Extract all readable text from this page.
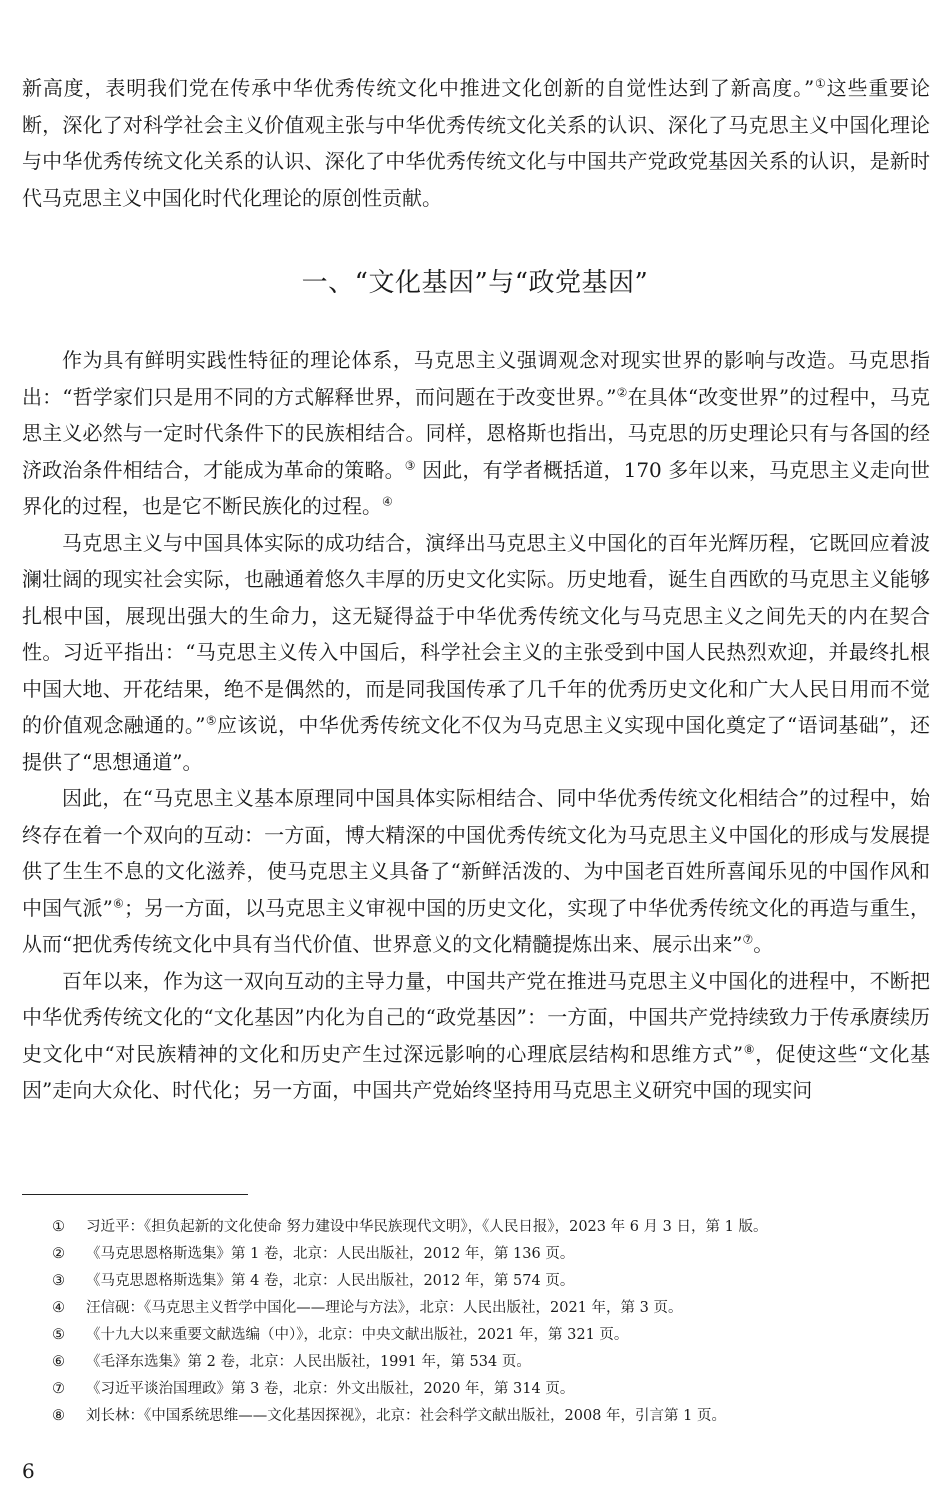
新高度，表明我们党在传承中华优秀传统文化中推进文化创新的自觉性达到了新高度。”①这些重要论断，深化了对科学社会主义价值观主张与中华优秀传统文化关系的认识、深化了马克思主义中国化理论与中华优秀传统文化关系的认识、深化了中华优秀传统文化与中国共产党政党基因关系的认识，是新时代马克思主义中国化时代化理论的原创性贡献。

一、“文化基因”与“政党基因”

作为具有鲜明实践性特征的理论体系，马克思主义强调观念对现实世界的影响与改造。马克思指出：“哲学家们只是用不同的方式解释世界，而问题在于改变世界。”②在具体“改变世界”的过程中，马克思主义必然与一定时代条件下的民族相结合。同样，恩格斯也指出，马克思的历史理论只有与各国的经济政治条件相结合，才能成为革命的策略。③ 因此，有学者概括道，170 多年以来，马克思主义走向世界化的过程，也是它不断民族化的过程。④

马克思主义与中国具体实际的成功结合，演绎出马克思主义中国化的百年光辉历程，它既回应着波澜壮阔的现实社会实际，也融通着悠久丰厚的历史文化实际。历史地看，诞生自西欧的马克思主义能够扎根中国，展现出强大的生命力，这无疑得益于中华优秀传统文化与马克思主义之间先天的内在契合性。习近平指出：“马克思主义传入中国后，科学社会主义的主张受到中国人民热烈欢迎，并最终扎根中国大地、开花结果，绝不是偶然的，而是同我国传承了几千年的优秀历史文化和广大人民日用而不觉的价值观念融通的。”⑤应该说，中华优秀传统文化不仅为马克思主义实现中国化奠定了“语词基础”，还提供了“思想通道”。

因此，在“马克思主义基本原理同中国具体实际相结合、同中华优秀传统文化相结合”的过程中，始终存在着一个双向的互动：一方面，博大精深的中国优秀传统文化为马克思主义中国化的形成与发展提供了生生不息的文化滋养，使马克思主义具备了“新鲜活泼的、为中国老百姓所喜闻乐见的中国作风和中国气派”⑥；另一方面，以马克思主义审视中国的历史文化，实现了中华优秀传统文化的再造与重生，从而“把优秀传统文化中具有当代价值、世界意义的文化精髓提炼出来、展示出来”⑦。

百年以来，作为这一双向互动的主导力量，中国共产党在推进马克思主义中国化的进程中，不断把中华优秀传统文化的“文化基因”内化为自己的“政党基因”：一方面，中国共产党持续致力于传承赓续历史文化中“对民族精神的文化和历史产生过深远影响的心理底层结构和思维方式”⑧，促使这些“文化基因”走向大众化、时代化；另一方面，中国共产党始终坚持用马克思主义研究中国的现实问

① 习近平：《担负起新的文化使命 努力建设中华民族现代文明》，《人民日报》，2023 年 6 月 3 日，第 1 版。
② 《马克思恩格斯选集》第 1 卷，北京：人民出版社，2012 年，第 136 页。
③ 《马克思恩格斯选集》第 4 卷，北京：人民出版社，2012 年，第 574 页。
④ 汪信砚：《马克思主义哲学中国化——理论与方法》，北京：人民出版社，2021 年，第 3 页。
⑤ 《十九大以来重要文献选编（中）》，北京：中央文献出版社，2021 年，第 321 页。
⑥ 《毛泽东选集》第 2 卷，北京：人民出版社，1991 年，第 534 页。
⑦ 《习近平谈治国理政》第 3 卷，北京：外文出版社，2020 年，第 314 页。
⑧ 刘长林：《中国系统思维——文化基因探视》，北京：社会科学文献出版社，2008 年，引言第 1 页。
6
